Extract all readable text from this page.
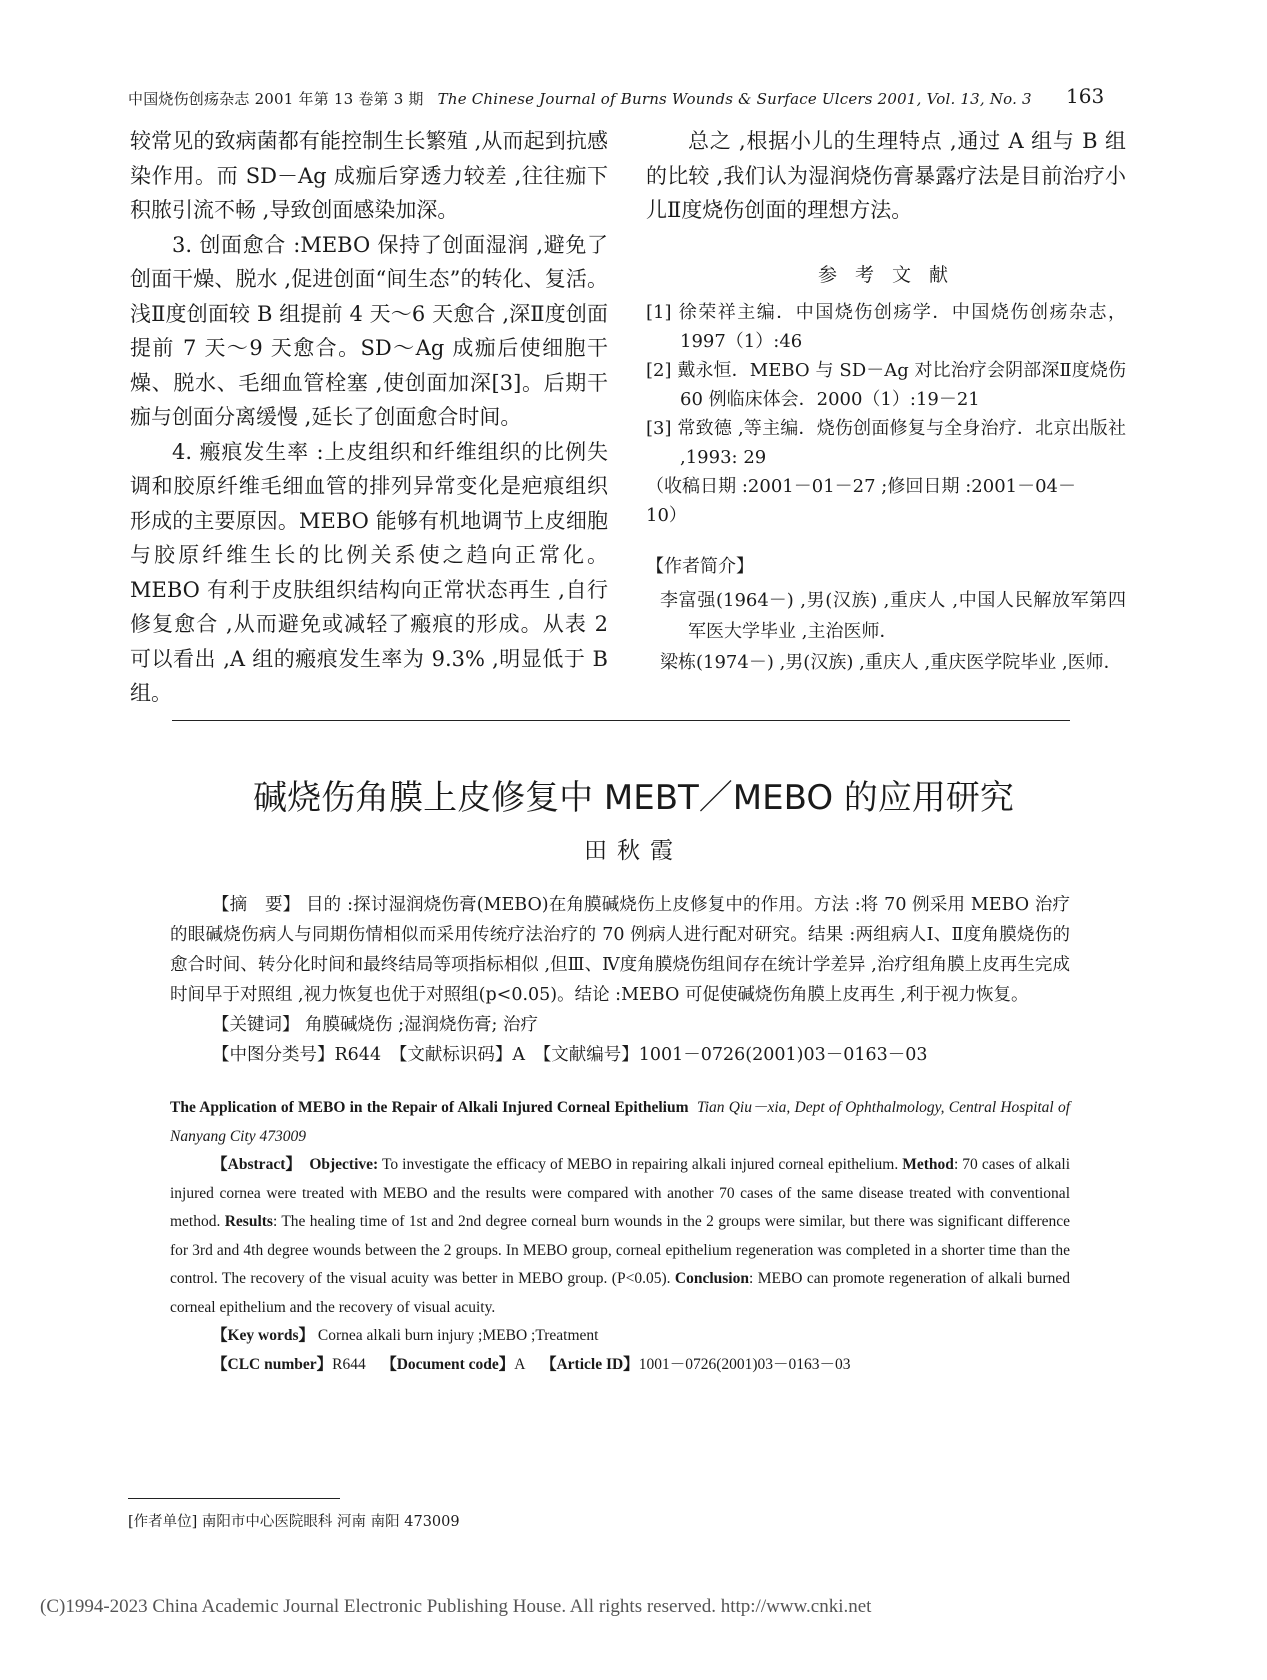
中国烧伤创疡杂志 2001 年第 13 卷第 3 期 The Chinese Journal of Burns Wounds & Surface Ulcers 2001, Vol. 13, No. 3 163

较常见的致病菌都有能控制生长繁殖 ,从而起到抗感染作用。而 SD－Ag 成痂后穿透力较差 ,往往痂下积脓引流不畅 ,导致创面感染加深。

3. 创面愈合 :MEBO 保持了创面湿润 ,避免了创面干燥、脱水 ,促进创面“间生态”的转化、复活。浅Ⅱ度创面较 B 组提前 4 天～6 天愈合 ,深Ⅱ度创面提前 7 天～9 天愈合。SD～Ag 成痂后使细胞干燥、脱水、毛细血管栓塞 ,使创面加深[3]。后期干痂与创面分离缓慢 ,延长了创面愈合时间。

4. 瘢痕发生率 :上皮组织和纤维组织的比例失调和胶原纤维毛细血管的排列异常变化是疤痕组织形成的主要原因。MEBO 能够有机地调节上皮细胞与胶原纤维生长的比例关系使之趋向正常化。MEBO 有利于皮肤组织结构向正常状态再生 ,自行修复愈合 ,从而避免或减轻了瘢痕的形成。从表 2 可以看出 ,A 组的瘢痕发生率为 9.3% ,明显低于 B 组。

总之 ,根据小儿的生理特点 ,通过 A 组与 B 组的比较 ,我们认为湿润烧伤膏暴露疗法是目前治疗小儿Ⅱ度烧伤创面的理想方法。

参 考 文 献

[1] 徐荣祥主编．中国烧伤创疡学．中国烧伤创疡杂志，1997（1）:46

[2] 戴永恒．MEBO 与 SD－Ag 对比治疗会阴部深Ⅱ度烧伤 60 例临床体会．2000（1）:19－21

[3] 常致德 ,等主编．烧伤创面修复与全身治疗．北京出版社 ,1993: 29

（收稿日期 :2001－01－27 ;修回日期 :2001－04－10）

【作者简介】

李富强(1964－) ,男(汉族) ,重庆人 ,中国人民解放军第四军医大学毕业 ,主治医师．

梁栋(1974－) ,男(汉族) ,重庆人 ,重庆医学院毕业 ,医师．

碱烧伤角膜上皮修复中 MEBT／MEBO 的应用研究
田秋霞

【摘　要】 目的 :探讨湿润烧伤膏(MEBO)在角膜碱烧伤上皮修复中的作用。方法 :将 70 例采用 MEBO 治疗的眼碱烧伤病人与同期伤情相似而采用传统疗法治疗的 70 例病人进行配对研究。结果 :两组病人Ⅰ、Ⅱ度角膜烧伤的愈合时间、转分化时间和最终结局等项指标相似 ,但Ⅲ、Ⅳ度角膜烧伤组间存在统计学差异 ,治疗组角膜上皮再生完成时间早于对照组 ,视力恢复也优于对照组(p<0.05)。结论 :MEBO 可促使碱烧伤角膜上皮再生 ,利于视力恢复。

【关键词】 角膜碱烧伤 ;湿润烧伤膏; 治疗

【中图分类号】R644　【文献标识码】A　【文献编号】1001－0726(2001)03－0163－03

The Application of MEBO in the Repair of Alkali Injured Corneal Epithelium Tian Qiu－xia, Dept of Ophthalmology, Central Hospital of Nanyang City 473009

【Abstract】 Objective: To investigate the efficacy of MEBO in repairing alkali injured corneal epithelium. Method: 70 cases of alkali injured cornea were treated with MEBO and the results were compared with another 70 cases of the same disease treated with conventional method. Results: The healing time of 1st and 2nd degree corneal burn wounds in the 2 groups were similar, but there was significant difference for 3rd and 4th degree wounds between the 2 groups. In MEBO group, corneal epithelium regeneration was completed in a shorter time than the control. The recovery of the visual acuity was better in MEBO group. (P<0.05). Conclusion: MEBO can promote regeneration of alkali burned corneal epithelium and the recovery of visual acuity.

【Key words】 Cornea alkali burn injury ;MEBO ;Treatment

【CLC number】R644 【Document code】A 【Article ID】1001－0726(2001)03－0163－03

[作者单位] 南阳市中心医院眼科 河南 南阳 473009
(C)1994-2023 China Academic Journal Electronic Publishing House. All rights reserved. http://www.cnki.net
